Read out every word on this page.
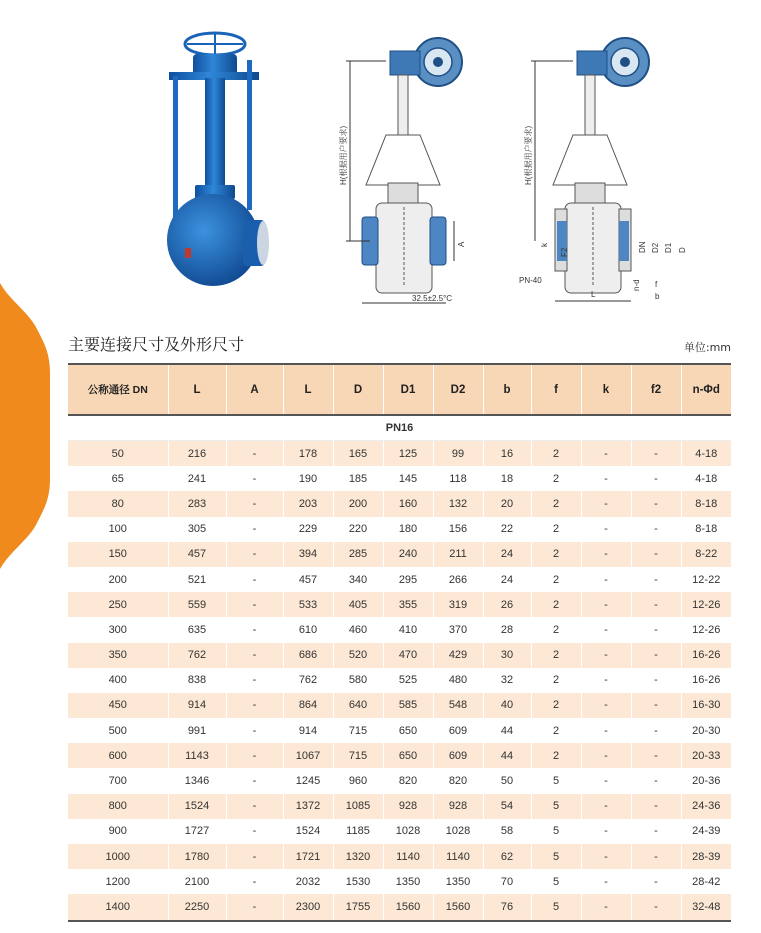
球阀系列
H(根据用户要求)
A
32.5±2.5°C
H(根据用户要求)
F2
k
PN-40
DN D2 D1 D
n-d f
b
L
主要连接尺寸及外形尺寸	单位:mm
公称通径 DN	L	A	L	D	D1	D2	b	f	k	f2	n-Φd
PN16											
50	216	-	178	165	125	99	16	2	-	-	4-18
65	241	-	190	185	145	118	18	2	-	-	4-18
80	283	-	203	200	160	132	20	2	-	-	8-18
100	305	-	229	220	180	156	22	2	-	-	8-18
150	457	-	394	285	240	211	24	2	-	-	8-22
200	521	-	457	340	295	266	24	2	-	-	12-22
250	559	-	533	405	355	319	26	2	-	-	12-26
300	635	-	610	460	410	370	28	2	-	-	12-26
350	762	-	686	520	470	429	30	2	-	-	16-26
400	838	-	762	580	525	480	32	2	-	-	16-26
450	914	-	864	640	585	548	40	2	-	-	16-30
500	991	-	914	715	650	609	44	2	-	-	20-30
600	1143	-	1067	715	650	609	44	2	-	-	20-33
700	1346	-	1245	960	820	820	50	5	-	-	20-36
800	1524	-	1372	1085	928	928	54	5	-	-	24-36
900	1727	-	1524	1185	1028	1028	58	5	-	-	24-39
1000	1780	-	1721	1320	1140	1140	62	5	-	-	28-39
1200	2100	-	2032	1530	1350	1350	70	5	-	-	28-42
1400	2250	-	2300	1755	1560	1560	76	5	-	-	32-48
